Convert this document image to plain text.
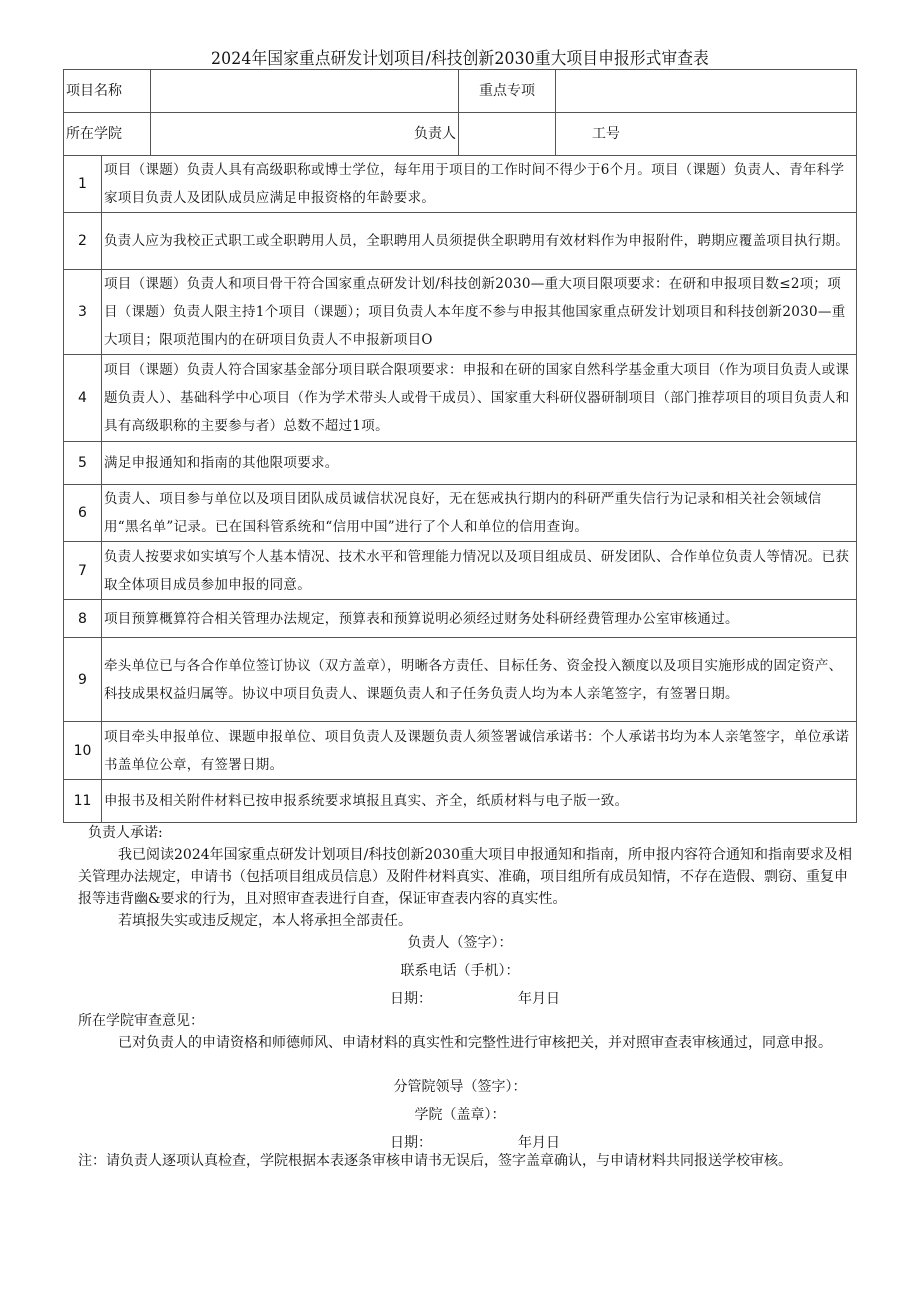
2024年国家重点研发计划项目/科技创新2030重大项目申报形式审查表
项目名称			重点专项	
所在学院		负责人		工号
1	项目（课题）负责人具有高级职称或博士学位，每年用于项目的工作时间不得少于6个月。项目（课题）负责人、青年科学家项目负责人及团队成员应满足申报资格的年龄要求。			
2	负责人应为我校正式职工或全职聘用人员，全职聘用人员须提供全职聘用有效材料作为申报附件，聘期应覆盖项目执行期。			
3	项目（课题）负责人和项目骨干符合国家重点研发计划/科技创新2030—重大项目限项要求：在研和申报项目数≤2项；项目（课题）负责人限主持1个项目（课题）；项目负责人本年度不参与申报其他国家重点研发计划项目和科技创新2030—重大项目；限项范围内的在研项目负责人不申报新项目O			
4	项目（课题）负责人符合国家基金部分项目联合限项要求：申报和在研的国家自然科学基金重大项目（作为项目负责人或课题负责人）、基础科学中心项目（作为学术带头人或骨干成员）、国家重大科研仪器研制项目（部门推荐项目的项目负责人和具有高级职称的主要参与者）总数不超过1项。			
5	满足申报通知和指南的其他限项要求。			
6	负责人、项目参与单位以及项目团队成员诚信状况良好，无在惩戒执行期内的科研严重失信行为记录和相关社会领域信用“黑名单”记录。已在国科管系统和“信用中国”进行了个人和单位的信用查询。			
7	负责人按要求如实填写个人基本情况、技术水平和管理能力情况以及项目组成员、研发团队、合作单位负责人等情况。已获取全体项目成员参加申报的同意。			
8	项目预算概算符合相关管理办法规定，预算表和预算说明必须经过财务处科研经费管理办公室审核通过。			
9	牵头单位已与各合作单位签订协议（双方盖章），明晰各方责任、目标任务、资金投入额度以及项目实施形成的固定资产、科技成果权益归属等。协议中项目负责人、课题负责人和子任务负责人均为本人亲笔签字，有签署日期。			
10	项目牵头申报单位、课题申报单位、项目负责人及课题负责人须签署诚信承诺书：个人承诺书均为本人亲笔签字，单位承诺书盖单位公章，有签署日期。			
11	申报书及相关附件材料已按申报系统要求填报且真实、齐全，纸质材料与电子版一致。			
负责人承诺:
我已阅读2024年国家重点研发计划项目/科技创新2030重大项目申报通知和指南，所申报内容符合通知和指南要求及相关管理办法规定，申请书（包括项目组成员信息）及附件材料真实、准确，项目组所有成员知情，不存在造假、剽窃、重复申报等违背幽&要求的行为，且对照审查表进行自查，保证审查表内容的真实性。
若填报失实或违反规定，本人将承担全部责任。
负责人（签字）：
联系电话（手机）：
日期：	年月日
所在学院审查意见：
已对负责人的申请资格和师德师风、申请材料的真实性和完整性进行审核把关，并对照审查表审核通过，同意申报。
分管院领导（签字）：
学院（盖章）：
日期：	年月日
注：请负责人逐项认真检查，学院根据本表逐条审核申请书无误后，签字盖章确认，与申请材料共同报送学校审核。
